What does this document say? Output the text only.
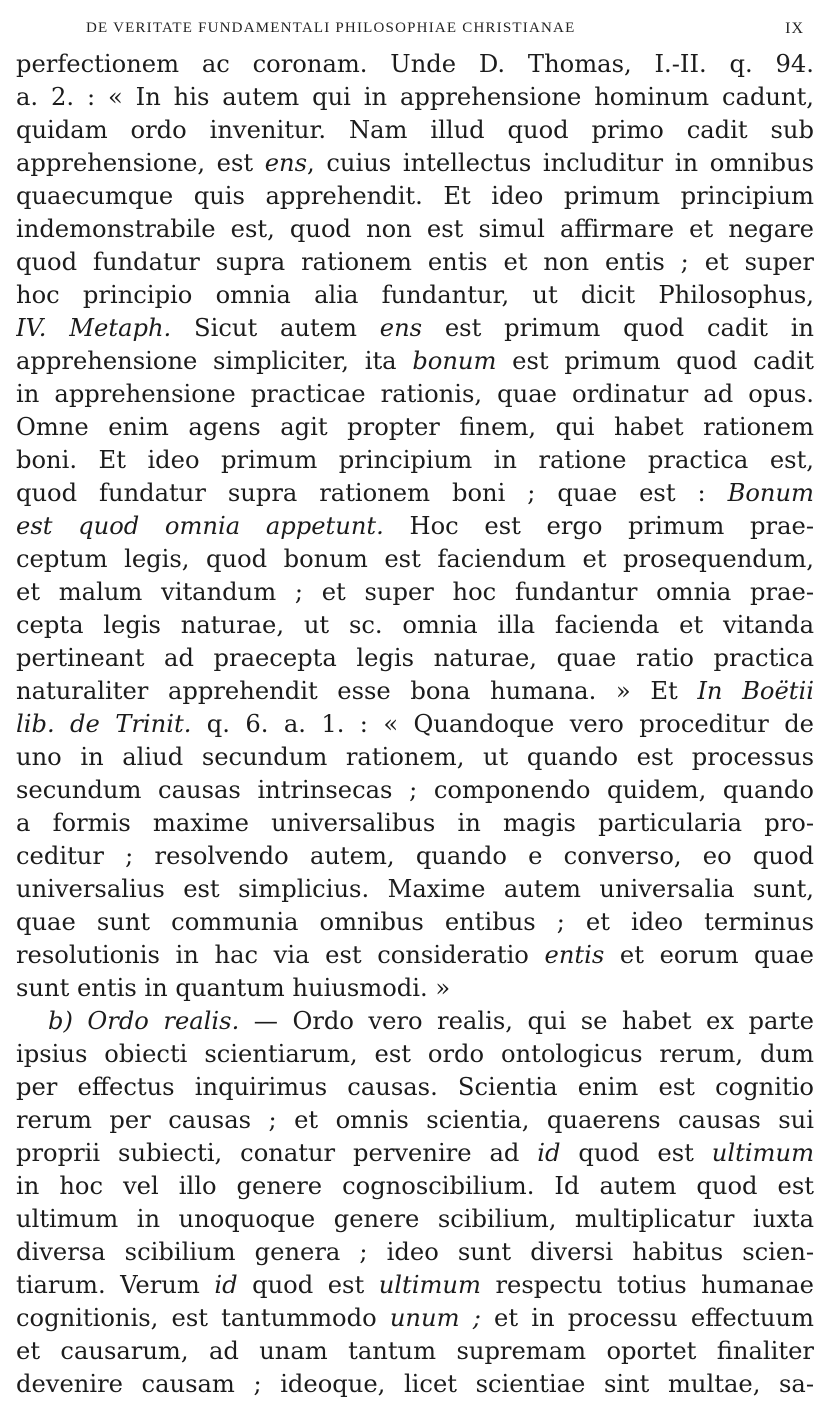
DE VERITATE FUNDAMENTALI PHILOSOPHIAE CHRISTIANAE	IX
perfectionem ac coronam. Unde D. Thomas, I.-II. q. 94.
a. 2. : « In his autem qui in apprehensione hominum cadunt,
quidam ordo invenitur. Nam illud quod primo cadit sub
apprehensione, est ens, cuius intellectus includitur in omnibus
quaecumque quis apprehendit. Et ideo primum principium
indemonstrabile est, quod non est simul affirmare et negare
quod fundatur supra rationem entis et non entis ; et super
hoc principio omnia alia fundantur, ut dicit Philosophus,
IV. Metaph. Sicut autem ens est primum quod cadit in
apprehensione simpliciter, ita bonum est primum quod cadit
in apprehensione practicae rationis, quae ordinatur ad opus.
Omne enim agens agit propter finem, qui habet rationem
boni. Et ideo primum principium in ratione practica est,
quod fundatur supra rationem boni ; quae est : Bonum
est quod omnia appetunt. Hoc est ergo primum prae-
ceptum legis, quod bonum est faciendum et prosequendum,
et malum vitandum ; et super hoc fundantur omnia prae-
cepta legis naturae, ut sc. omnia illa facienda et vitanda
pertineant ad praecepta legis naturae, quae ratio practica
naturaliter apprehendit esse bona humana. » Et In Boëtii
lib. de Trinit. q. 6. a. 1. : « Quandoque vero proceditur de
uno in aliud secundum rationem, ut quando est processus
secundum causas intrinsecas ; componendo quidem, quando
a formis maxime universalibus in magis particularia pro-
ceditur ; resolvendo autem, quando e converso, eo quod
universalius est simplicius. Maxime autem universalia sunt,
quae sunt communia omnibus entibus ; et ideo terminus
resolutionis in hac via est consideratio entis et eorum quae
sunt entis in quantum huiusmodi. »
b) Ordo realis. — Ordo vero realis, qui se habet ex parte
ipsius obiecti scientiarum, est ordo ontologicus rerum, dum
per effectus inquirimus causas. Scientia enim est cognitio
rerum per causas ; et omnis scientia, quaerens causas sui
proprii subiecti, conatur pervenire ad id quod est ultimum
in hoc vel illo genere cognoscibilium. Id autem quod est
ultimum in unoquoque genere scibilium, multiplicatur iuxta
diversa scibilium genera ; ideo sunt diversi habitus scien-
tiarum. Verum id quod est ultimum respectu totius humanae
cognitionis, est tantummodo unum ; et in processu effectuum
et causarum, ad unam tantum supremam oportet finaliter
devenire causam ; ideoque, licet scientiae sint multae, sa-
